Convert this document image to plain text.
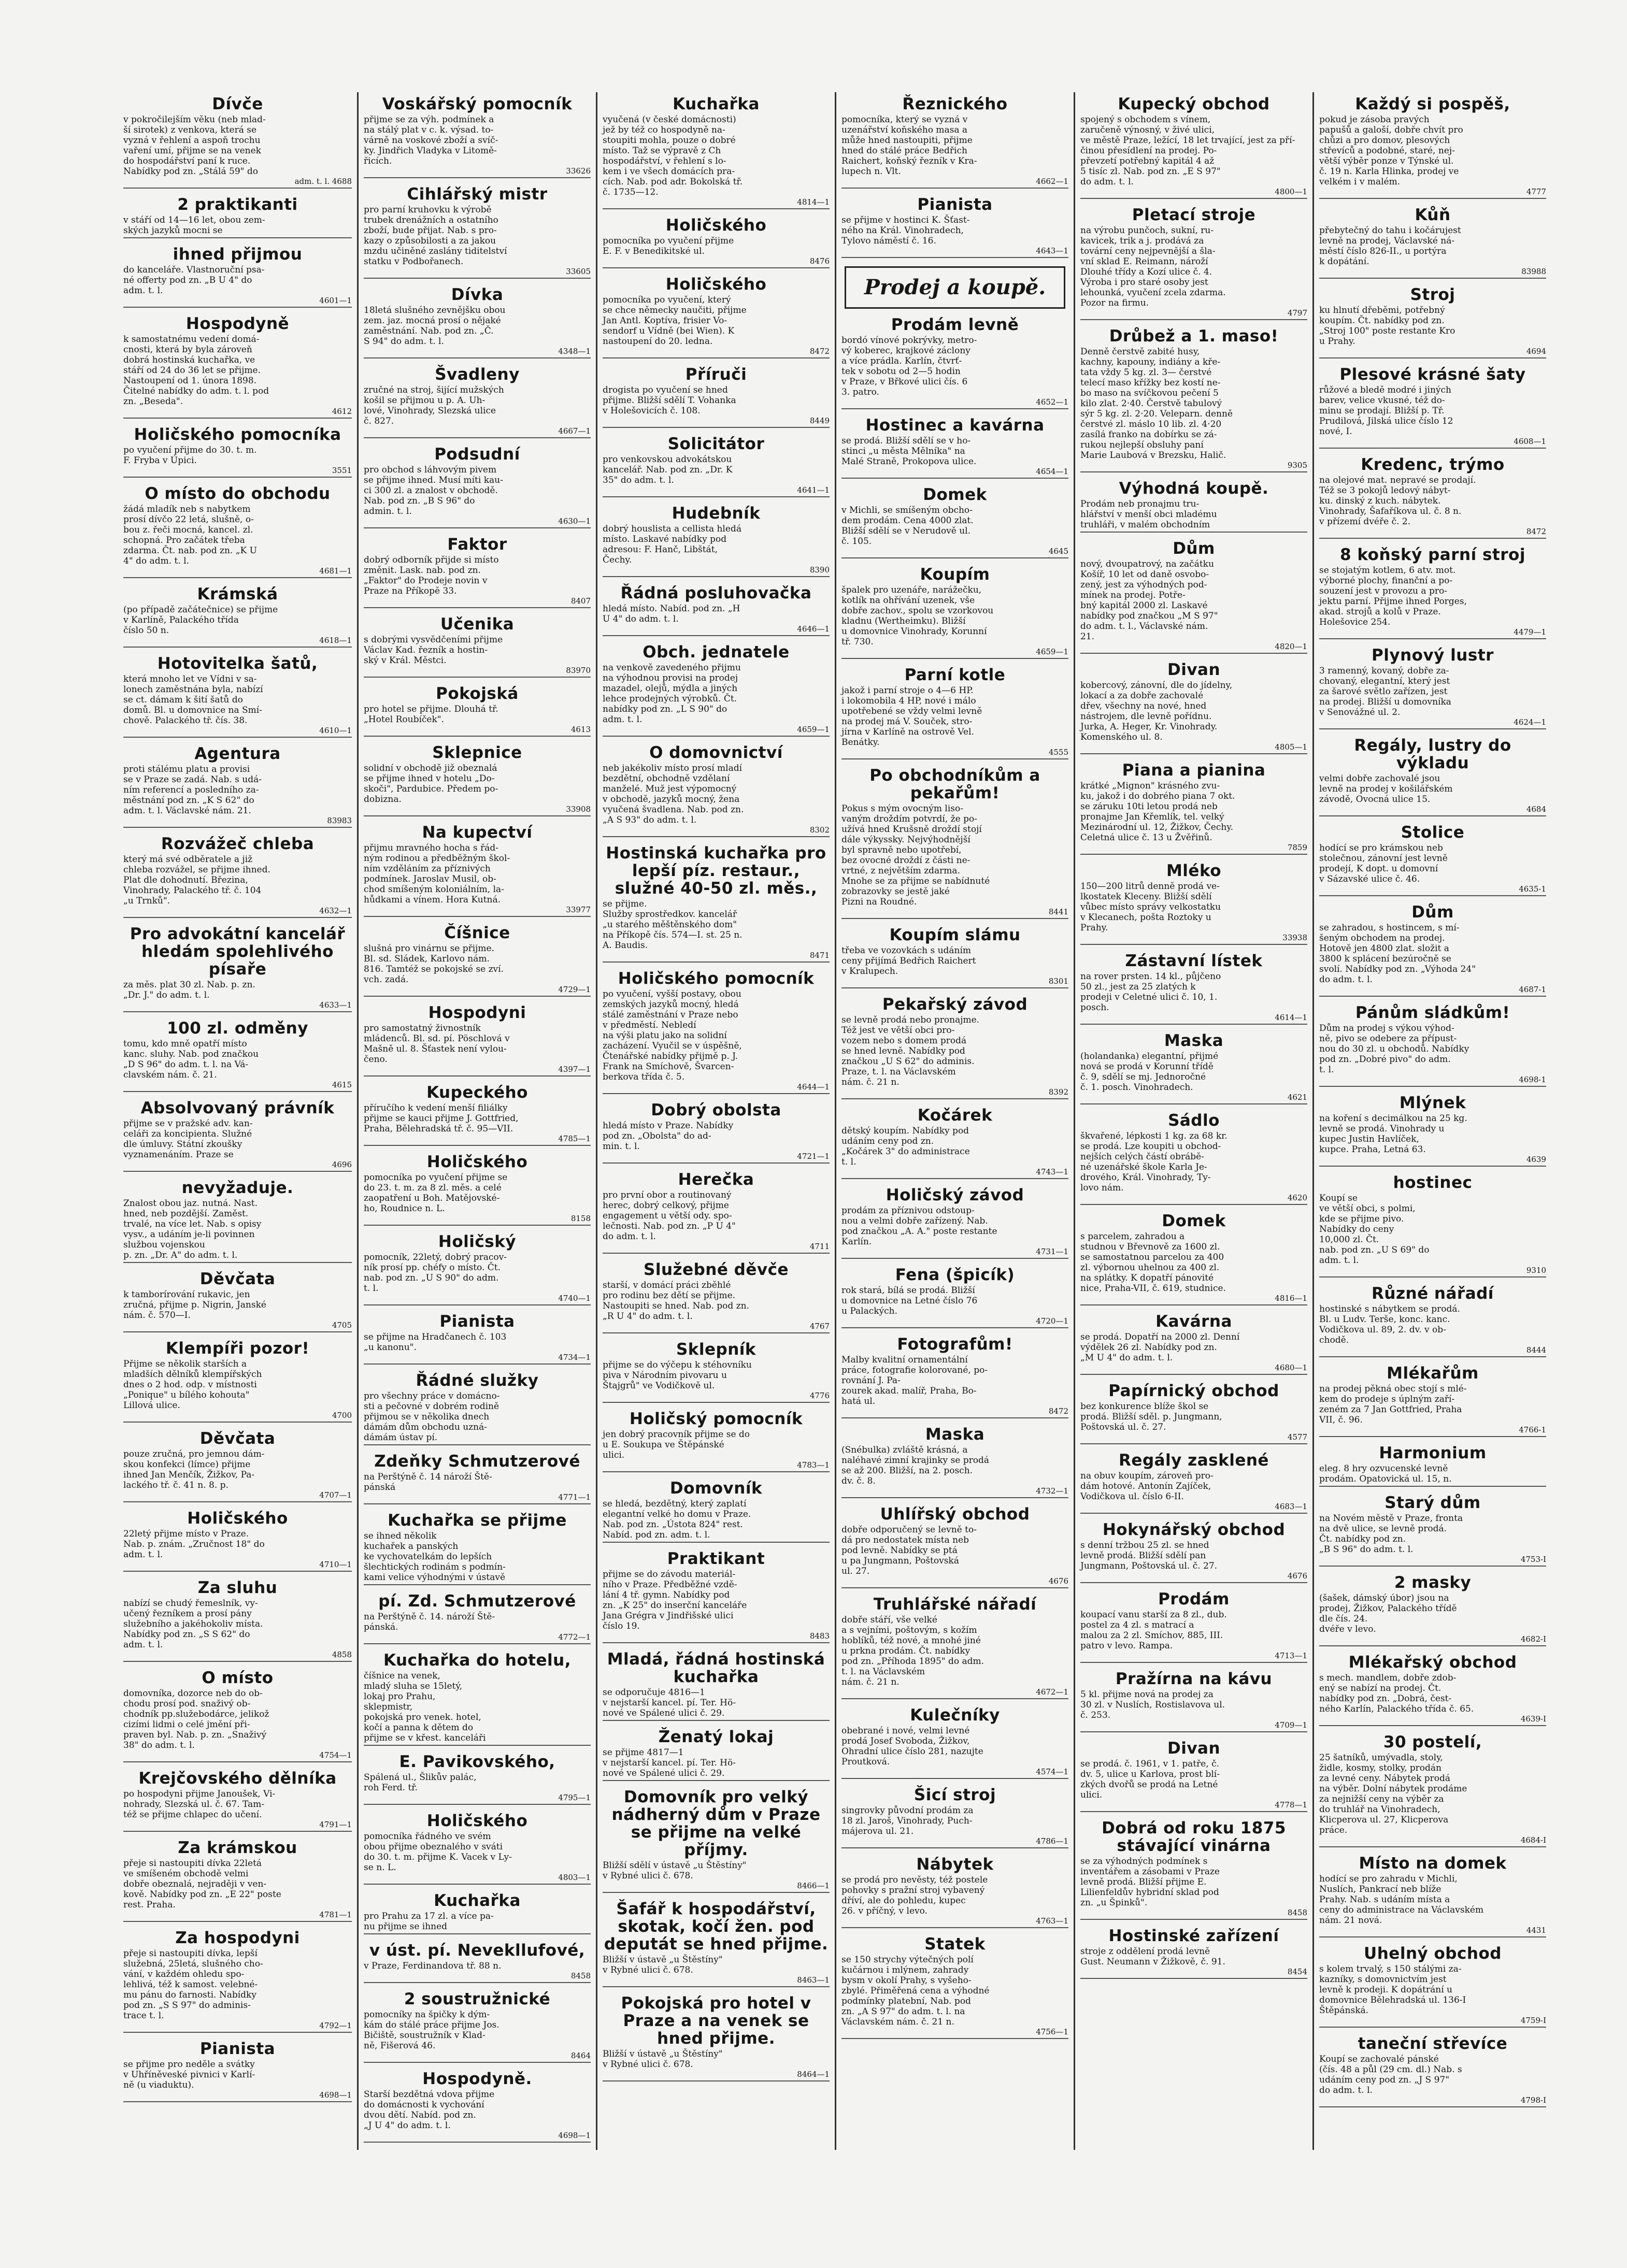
Dívče
v pokročilejším věku (neb mlad-
ší sirotek) z venkova, která se
vyzná v řehlení a aspoň trochu
vaření umí, přijme se na venek
do hospodářství paní k ruce.
Nabídky pod zn. „Stálá 59" do
adm. t. l. 4688
2 praktikanti
v stáří od 14—16 let, obou zem-
ských jazyků mocni se
ihned přijmou
do kanceláře. Vlastnoruční psa-
né offerty pod zn. „B U 4" do
adm. t. l.
4601—1
Hospodyně
k samostatnému vedení domá-
cnosti, která by byla zároveň
dobrá hostinská kuchařka, ve
stáří od 24 do 36 let se přijme.
Nastoupení od 1. února 1898.
Čitelné nabídky do adm. t. l. pod
zn. „Beseda".
4612
Holičského pomocníka
po vyučení přijme do 30. t. m.
F. Fryba v Úpici.
3551
O místo do obchodu
žádá mladík neb s nabytkem
prosí dívčo 22 letá, slušně, o-
bou z. řeči mocná, kancel. zl.
schopná. Pro začátek třeba
zdarma. Čt. nab. pod zn. „K U
4" do adm. t. l.
4681—1
Krámská
(po případě začátečnice) se přijme
v Karlíně, Palackého třída
číslo 50 n.
4618—1
Hotovitelka šatů,
která mnoho let ve Vídni v sa-
lonech zaměstnána byla, nabízí
se ct. dámam k šití šatů do
domů. Bl. u domovnice na Smí-
chově. Palackého tř. čís. 38.
4610—1
Agentura
proti stálému platu a provisi
se v Praze se zadá. Nab. s udá-
ním referencí a posledního za-
městnání pod zn. „K S 62" do
adm. t. l. Václavské nám. 21.
83983
Rozvážeč chleba
který má své odběratele a již
chleba rozvážel, se přijme ihned.
Plat dle dohodnutí. Březina,
Vinohrady, Palackého tř. č. 104
„u Trnků".
4632—1
Pro advokátní kancelář hledám spolehlivého písaře
za měs. plat 30 zl. Nab. p. zn.
„Dr. J." do adm. t. l.
4633—1
100 zl. odměny
tomu, kdo mně opatří místo
kanc. sluhy. Nab. pod značkou
„D S 96" do adm. t. l. na Vá-
clavském nám. č. 21.
4615
Absolvovaný právník
přijme se v pražské adv. kan-
celáři za koncipienta. Služné
dle úmluvy. Státní zkoušky
vyznamenáním. Praze se
4696
nevyžaduje.
Znalost obou jaz. nutná. Nast.
hned, neb pozdější. Zaměst.
trvalé, na více let. Nab. s opisy
vysv., a udáním je-li povinnen
službou vojenskou
p. zn. „Dr. A" do adm. t. l.
Děvčata
k tamborírování rukavic, jen
zručná, přijme p. Nigrin, Janské
nám. č. 570—I.
4705
Klempíři pozor!
Přijme se několik starších a
mladších dělníků klempířských
dnes o 2 hod. odp. v místnosti
„Ponique" u bílého kohouta"
Lillová ulice.
4700
Děvčata
pouze zručná, pro jemnou dám-
skou konfekci (límce) přijme
ihned Jan Menčík, Žižkov, Pa-
lackého tř. č. 41 n. 8. p.
4707—1
Holičského
22letý přijme místo v Praze.
Nab. p. znám. „Zručnost 18" do
adm. t. l.
4710—1
Za sluhu
nabízí se chudý řemeslník, vy-
učený řezníkem a prosí pány
služebního a jakéhokoliv místa.
Nabídky pod zn. „S S 62" do
adm. t. l.
4858
O místo
domovníka, dozorce neb do ob-
chodu prosí pod. snaživý ob-
chodník pp.služebodárce, jelikož
cizími lidmi o celé jmění při-
praven byl. Nab. p. zn. „Snaživý
38" do adm. t. l.
4754—1
Krejčovského dělníka
po hospodyni přijme Janoušek, Vi-
nohrady, Slezská ul. č. 67. Tam-
též se přijme chlapec do učení.
4791—1
Za krámskou
přeje si nastoupiti dívka 22letá
ve smíšeném obchodě velmi
dobře obeznalá, nejraději v ven-
kově. Nabídky pod zn. „E 22" poste
rest. Praha.
4781—1
Za hospodyni
přeje si nastoupiti dívka, lepší
služebná, 25letá, slušného cho-
vání, v každém ohledu spo-
lehlivá, též k samost. velebné-
mu pánu do farnosti. Nabídky
pod zn. „S S 97" do adminis-
trace t. l.
4792—1
Pianista
se přijme pro neděle a svátky
v Uhříněveské pivnici v Karlí-
ně (u viaduktu).
4698—1
Voskářský pomocník
přijme se za výh. podmínek a
na stálý plat v c. k. výsad. to-
várně na voskové zboží a svíč-
ky. Jindřich Vladyka v Litomě-
řicích.
33626
Cihlářský mistr
pro parní kruhovku k výrobě
trubek drenážních a ostatního
zboží, bude přijat. Nab. s pro-
kazy o způsobilosti a za jakou
mzdu učiněné zaslány tiditelství
statku v Podbořanech.
33605
Dívka
18letá slušného zevnějšku obou
zem. jaz. mocná prosí o nějaké
zaměstnání. Nab. pod zn. „Č.
S 94" do adm. t. l.
4348—1
Švadleny
zručné na stroj, šijící mužských
košil se přijmou u p. A. Uh-
lové, Vinohrady, Slezská ulice
č. 827.
4667—1
Podsudní
pro obchod s láhvovým pivem
se přijme ihned. Musí míti kau-
ci 300 zl. a znalost v obchodě.
Nab. pod zn. „B S 96" do
admin. t. l.
4630—1
Faktor
dobrý odborník přijde si místo
změnit. Lask. nab. pod zn.
„Faktor" do Prodeje novin v
Praze na Příkopě 33.
8407
Učenika
s dobrými vysvědčeními přijme
Václav Kad. řezník a hostin-
ský v Král. Městci.
83970
Pokojská
pro hotel se přijme. Dlouhá tř.
„Hotel Roubíček".
4613
Sklepnice
solidní v obchodě již obeznalá
se přijme ihned v hotelu „Do-
skoči", Pardubice. Předem po-
dobizna.
33908
Na kupectví
přijmu mravného hocha s řád-
ným rodinou a předběžným škol-
ním vzděláním za příznivých
podmínek. Jaroslav Musil, ob-
chod smíšeným koloniálním, la-
hůdkami a vínem. Hora Kutná.
33977
Číšnice
slušná pro vinárnu se přijme.
Bl. sd. Sládek, Karlovo nám.
816. Tamtéž se pokojské se zví.
vch. zadá.
4729—1
Hospodyni
pro samostatný živnostník
mládenců. Bl. sd. pí. Pöschlová v
Mašně ul. 8. Šťastek není vylou-
čeno.
4397—1
Kupeckého
příručího k vedení menší filiálky
přijme se kauci přijme J. Gottfried,
Praha, Bělehradská tř. č. 95—VII.
4785—1
Holičského
pomocníka po vyučení přijme se
do 23. t. m. za 8 zl. měs. a celé
zaopatření u Boh. Matějovské-
ho, Roudnice n. L.
8158
Holičský
pomocník, 22letý, dobrý pracov-
ník prosí pp. chéfy o místo. Čt.
nab. pod zn. „U S 90" do adm.
t. l.
4740—1
Pianista
se přijme na Hradčanech č. 103
„u kanonu".
4734—1
Řádné služky
pro všechny práce v domácno-
sti a pečovné v dobrém rodině
přijmou se v několika dnech
dámám dům obchodu uzná-
dámám ústav pí.
Zdeňky Schmutzerové
na Perštýně č. 14 nároží Ště-
pánská
4771—1
Kuchařka se přijme
se ihned několik
kuchařek a panských
ke vychovatelkám do lepších
šlechtických rodinám s podmín-
kami velice výhodnými v ústavě
pí. Zd. Schmutzerové
na Perštýně č. 14. nároží Ště-
pánská.
4772—1
Kuchařka do hotelu,
číšnice na venek,
mladý sluha se 15letý,
lokaj pro Prahu,
sklepmistr,
pokojská pro venek. hotel,
kočí a panna k dětem do
přijme se v křest. kanceláři
E. Pavikovského,
Spálená ul., Šlikův palác,
roh Ferd. tř.
4795—1
Holičského
pomocníka řádného ve svém
obou přijme obeznalého v sváti
do 30. t. m. přijme K. Vacek v Ly-
se n. L.
4803—1
Kuchařka
pro Prahu za 17 zl. a více pa-
nu přijme se ihned
v úst. pí. Nevekllufové,
v Praze, Ferdinandova tř. 88 n.
8458
2 soustružnické
pomocníky na špičky k dým-
kám do stálé práce přijme Jos.
Bičiště, soustružník v Klad-
ně, Fišerová 46.
8464
Hospodyně.
Starší bezdětná vdova přijme
do domácnosti k vychování
dvou dětí. Nabíd. pod zn.
„J U 4" do adm. t. l.
4698—1
Kuchařka
vyučená (v české domácnosti)
jež by též co hospodyně na-
stoupiti mohla, pouze o dobré
místo. Taž se výpravě z Ch
hospodářství, v řehlení s lo-
kem i ve všech domácích pra-
cích. Nab. pod adr. Bokolská tř.
č. 1735—12.
4814—1
Holičského
pomocníka po vyučení přijme
E. F. v Benedikitské ul.
8476
Holičského
pomocníka po vyučení, který
se chce německy naučiti, přijme
Jan Antl. Koptíva, frisier Vo-
sendorf u Vídně (bei Wien). K
nastoupení do 20. ledna.
8472
Příruči
drogista po vyučení se hned
přijme. Bližší sdělí T. Vohanka
v Holešovicích č. 108.
8449
Solicitátor
pro venkovskou advokátskou
kancelář. Nab. pod zn. „Dr. K
35" do adm. t. l.
4641—1
Hudebník
dobrý houslista a cellista hledá
místo. Laskavé nabídky pod
adresou: F. Hanč, Libštát,
Čechy.
8390
Řádná posluhovačka
hledá místo. Nabíd. pod zn. „H
U 4" do adm. t. l.
4646—1
Obch. jednatele
na venkově zavedeného přijmu
na výhodnou provisi na prodej
mazadel, olejů, mýdla a jiných
lehce prodejných výrobků. Čt.
nabídky pod zn. „L S 90" do
adm. t. l.
4659—1
O domovnictví
neb jakékoliv místo prosí mladí
bezdětní, obchodně vzdělaní
manželé. Muž jest výpomocný
v obchodě, jazyků mocný, žena
vyučená švadlena. Nab. pod zn.
„A S 93" do adm. t. l.
8302
Hostinská kuchařka pro lepší píz. restaur., služné 40-50 zl. měs.,
se přijme.
Služby sprostředkov. kancelář
„u starého měštěnského dom"
na Příkopě čís. 574—I. st. 25 n.
A. Baudis.
8471
Holičského pomocník
po vyučení, vyšší postavy, obou
zemských jazyků mocný, hledá
stálé zaměstnání v Praze nebo
v předměstí. Nebledí
na výši platu jako na solidní
zacházení. Vyučil se v úspěšně,
Čtenářské nabídky přijmě p. J.
Frank na Smíchově, Švarcen-
berkova třída č. 5.
4644—1
Dobrý obolsta
hledá místo v Praze. Nabídky
pod zn. „Obolsta" do ad-
min. t. l.
4721—1
Herečka
pro první obor a routinovaný
herec, dobrý celkový, přijme
engagement u větší ody. spo-
lečnosti. Nab. pod zn. „P U 4"
do adm. t. l.
4711
Služebné děvče
starší, v domácí práci zběhlé
pro rodinu bez dětí se přijme.
Nastoupiti se hned. Nab. pod zn.
„R U 4" do adm. t. l.
4767
Sklepník
přijme se do výčepu k stéhovníku
piva v Národním pivovaru u
Štajgrů" ve Vodičkově ul.
4776
Holičský pomocník
jen dobrý pracovník přijme se do
u E. Soukupa ve Štěpánské
ulici.
4783—1
Domovník
se hledá, bezdětný, který zaplatí
elegantní velké ho domu v Praze.
Nab. pod zn. „Ústota 824" rest.
Nabíd. pod zn. adm. t. l.
Praktikant
přijme se do závodu materiál-
ního v Praze. Předběžné vzdě-
lání 4 tř. gymn. Nabídky pod
zn. „K 25" do inserční kanceláře
Jana Grégra v Jindřišské ulici
číslo 19.
8483
Mladá, řádná hostinská kuchařka
se odporučuje 4816—1
v nejstarší kancel. pí. Ter. Hö-
nové ve Spálené ulici č. 29.
Ženatý lokaj
se přijme 4817—1
v nejstarší kancel. pí. Ter. Hö-
nové ve Spálené ulici č. 29.
Domovník pro velký nádherný dům v Praze se přijme na velké příjmy.
Bližší sdělí v ústavě „u Štěstíny"
v Rybné ulici č. 678.
8466—1
Šafář k hospodářství, skotak, kočí žen. pod deputát se hned přijme.
Bližší v ústavě „u Štěstíny"
v Rybné ulici č. 678.
8463—1
Pokojská pro hotel v Praze a na venek se hned přijme.
Bližší v ústavě „u Štěstíny"
v Rybné ulici č. 678.
8464—1
Řeznického
pomocníka, který se vyzná v
uzenářství koňského masa a
může hned nastoupiti, přijme
hned do stálé práce Bedřich
Raichert, koňský řezník v Kra-
lupech n. Vlt.
4662—1
Pianista
se přijme v hostinci K. Šťast-
ného na Král. Vinohradech,
Tylovo náměstí č. 16.
4643—1
Prodej a koupě.
Prodám levně
bordó vínové pokrývky, metro-
vý koberec, krajkové záclony
a více prádla. Karlín, čtvrť-
tek v sobotu od 2—5 hodin
v Praze, v Břkové ulici čís. 6
3. patro.
4652—1
Hostinec a kavárna
se prodá. Bližší sdělí se v ho-
stinci „u města Mělníka" na
Malé Straně, Prokopova ulice.
4654—1
Domek
v Michli, se smíšeným obcho-
dem prodám. Cena 4000 zlat.
Bližší sdělí se v Nerudově ul.
č. 105.
4645
Koupím
špalek pro uzenáře, narážečku,
kotlík na ohřívání uzenek, vše
dobře zachov., spolu se vzorkovou
kladnu (Wertheimku). Bližší
u domovnice Vinohrady, Korunní
tř. 730.
4659—1
Parní kotle
jakož i parní stroje o 4—6 HP.
i lokomobila 4 HP, nové i málo
upotřebené se vždy velmi levně
na prodej má V. Souček, stro-
jírna v Karlíně na ostrově Vel.
Benátky.
4555
Po obchodníkům a pekařům!
Pokus s mým ovocným liso-
vaným droždím potvrdí, že po-
užívá hned Krušsně droždí stojí
dále výkyssky. Nejvýhodnější
byl spravně nebo upotřebí,
bez ovocné droždí z části ne-
vrtné, z největším zdarma.
Mnohe se za přijme se nabídnuté
zobrazovky se jestě jaké
Pizni na Roudné.
8441
Koupím slámu
třeba ve vozovkách s udáním
ceny přijímá Bedřich Raichert
v Kralupech.
8301
Pekařský závod
se levně prodá nebo pronajme.
Též jest ve větší obci pro-
vozem nebo s domem prodá
se hned levně. Nabídky pod
značkou „U S 62" do adminis.
Praze, t. l. na Václavském
nám. č. 21 n.
8392
Kočárek
dětský koupím. Nabídky pod
udáním ceny pod zn.
„Kočárek 3" do administrace
t. l.
4743—1
Holičský závod
prodám za příznivou odstoup-
nou a velmi dobře zařízený. Nab.
pod značkou „A. A." poste restante
Karlín.
4731—1
Fena (špicík)
rok stará, bílá se prodá. Bližší
u domovnice na Letné číslo 76
u Palackých.
4720—1
Fotografům!
Malby kvalitní ornamentální
práce, fotografie kolorované, po-
rovnání J. Pa-
zourek akad. malíř, Praha, Bo-
hatá ul.
8472
Maska
(Snébulka) zvláště krásná, a
naléhavé zimní krajinky se prodá
se až 200. Bližší, na 2. posch.
dv. č. 8.
4732—1
Uhlířský obchod
dobře odporučený se levně to-
dá pro nedostatek místa neb
pod levně. Nabídky se ptá
u pa Jungmann, Poštovská
ul. 27.
4676
Truhlářské nářadí
dobře stáří, vše velké
a s vejními, poštovým, s kožím
hoblíků, též nové, a mnohé jiné
u prkna prodám. Čt. nabídky
pod zn. „Příhoda 1895" do adm.
t. l. na Václavském
nám. č. 21 n.
4672—1
Kulečníky
obebrané i nové, velmi levné
prodá Josef Svoboda, Žižkov,
Ohradní ulice číslo 281, nazujte
Proutková.
4574—1
Šicí stroj
singrovky původní prodám za
18 zl. Jaroš, Vinohrady, Puch-
májerova ul. 21.
4786—1
Nábytek
se prodá pro nevěsty, též postele
pohovky s pražní stroj vybavený
dříví, ale do pohledu, kupec
26. v příčný, v levo.
4763—1
Statek
se 150 strychy výtečných polí
kučárnou i mlýnem, zahrady
bysm v okolí Prahy, s vyšeho-
zbylé. Přiměřená cena a výhodné
podmínky platební, Nab. pod
zn. „A S 97" do adm. t. l. na
Václavském nám. č. 21 n.
4756—1
Kupecký obchod
spojený s obchodem s vínem,
zaručeně výnosný, v živé ulici,
ve městě Praze, ležící, 18 let trvající, jest za pří-
činou přesídlení na prodej. Po-
převzetí potřebný kapitál 4 až
5 tisíc zl. Nab. pod zn. „E S 97"
do adm. t. l.
4800—1
Pletací stroje
na výrobu punčoch, sukní, ru-
kavicek, trik a j. prodává za
tovární ceny nejpevnější a šla-
vní sklad E. Reimann, nároží
Dlouhé třídy a Kozí ulice č. 4.
Výroba i pro staré osoby jest
lehounká, vyučení zcela zdarma.
Pozor na firmu.
4797
Drůbež a 1. maso!
Denně čerstvě zabité husy,
kachny, kapouny, indiány a kře-
tata vždy 5 kg. zl. 3— čerstvé
telecí maso křížky bez kostí ne-
bo maso na svíčkovou pečení 5
kilo zlat. 2·40. Čerstvě tabulový
sýr 5 kg. zl. 2·20. Veleparn. denně
čerstvé zl. máslo 10 lib. zl. 4·20
zasílá franko na dobírku se zá-
rukou nejlepší obsluhy paní
Marie Laubová v Brezsku, Halič.
9305
Výhodná koupě.
Prodám neb pronajmu tru-
hlářství v menší obci mladému
truhláři, v malém obchodním
Dům
nový, dvoupatrový, na začátku
Košíř, 10 let od daně osvobo-
zený, jest za výhodných pod-
mínek na prodej. Potře-
bný kapitál 2000 zl. Laskavé
nabídky pod značkou „M S 97"
do adm. t. l., Václavské nám.
21.
4820—1
Divan
kobercový, zánovní, dle do jídelny,
lokací a za dobře zachovalé
dřev, všechny na nové, hned
nástrojem, dle levně pořídnu.
Jurka, A. Heger, Kr. Vinohrady.
Komenského ul. 8.
4805—1
Piana a pianina
krátké „Mignon" krásného zvu-
ku, jakož i do dobrého piana 7 okt.
se záruku 10ti letou prodá neb
pronajme Jan Křemlík, tel. velký
Mezinárodní ul. 12, Žižkov, Čechy.
Celetná ulice č. 13 u Žvěřinů.
7859
Mléko
150—200 litrů denně prodá ve-
lkostatek Kleceny. Bližší sdělí
vůbec místo správy velkostatku
v Klecanech, pošta Roztoky u
Prahy.
33938
Zástavní lístek
na rover prsten. 14 kl., půjčeno
50 zl., jest za 25 zlatých k
prodeji v Celetné ulici č. 10, 1.
posch.
4614—1
Maska
(holandanka) elegantní, přijmé
nová se prodá v Korunní třídě
č. 9, sdělí se mj. Jednoročné
č. 1. posch. Vinohradech.
4621
Sádlo
škvařené, lépkosti 1 kg. za 68 kr.
se prodá. Lze koupiti u obchod-
nejších celých částí obrábě-
né uzenářské škole Karla Je-
drového, Král. Vinohrady, Ty-
lovo nám.
4620
Domek
s parcelem, zahradou a
studnou v Břevnově za 1600 zl.
se samostatnou parcelou za 400
zl. výbornou uhelnou za 400 zl.
na splátky. K dopatří pánovité
nice, Praha-VII, č. 619, studnice.
4816—1
Kavárna
se prodá. Dopatří na 2000 zl. Denní
výdělek 26 zl. Nabídky pod zn.
„M U 4" do adm. t. l.
4680—1
Papírnický obchod
bez konkurence blíže škol se
prodá. Bližší sděl. p. Jungmann,
Poštovská ul. č. 27.
4577
Regály zasklené
na obuv koupím, zároveň pro-
dám hotové. Antonín Zajíček,
Vodičkova ul. číslo 6-II.
4683—1
Hokynářský obchod
s denní tržbou 25 zl. se hned
levně prodá. Bližší sdělí pan
Jungmann, Poštovská ul. č. 27.
4676
Prodám
koupací vanu starší za 8 zl., dub.
postel za 4 zl. s matrací a
malou za 2 zl. Smíchov, 885, III.
patro v levo. Rampa.
4713—1
Pražírna na kávu
5 kl. přijme nová na prodej za
30 zl. v Nuslích, Rostislavova ul.
č. 253.
4709—1
Divan
se prodá. č. 1961, v 1. patře, č.
dv. 5, ulice u Karlova, prost blí-
zkých dvořů se prodá na Letné
ulici.
4778—1
Dobrá od roku 1875 stávající vinárna
se za výhodných podmínek s
inventářem a zásobami v Praze
levně prodá. Bližší přijme E.
Lilienfeldův hybridní sklad pod
zn. „u Špinků".
8458
Hostinské zařízení
stroje z oddělení prodá levně
Gust. Neumann v Žižkově, č. 91.
8454
Každý si pospěš,
pokud je zásoba pravých
papušů a galoší, dobře chvít pro
chůzi a pro domov, plesových
střevíců a podobné, staré, nej-
větší výběr ponze v Týnské ul.
č. 19 n. Karla Hlinka, prodej ve
velkém i v malém.
4777
Kůň
přebytečný do tahu i kočárujest
levně na prodej, Václavské ná-
městí číslo 826-II., u portýra
k dopátání.
83988
Stroj
ku hlnutí dřeběmi, potřebný
koupím. Čt. nabídky pod zn.
„Stroj 100" poste restante Kro
u Prahy.
4694
Plesové krásné šaty
růžové a bledě modré i jiných
barev, velice vkusné, též do-
minu se prodají. Bližší p. Tř.
Prudilová, Jilská ulice číslo 12
nové, I.
4608—1
Kredenc, trýmo
na olejové mat. nepravé se prodají.
Též se 3 pokojů ledový nábyt-
ku. dinský z kuch. nábytek.
Vinohrady, Šafaříkova ul. č. 8 n.
v přízemí dvéře č. 2.
8472
8 koňský parní stroj
se stojatým kotlem, 6 atv. mot.
výborné plochy, finanční a po-
souzení jest v provozu a pro-
jektu parní. Přijme ihned Porges,
akad. strojů a kolů v Praze.
Holešovice 254.
4479—1
Plynový lustr
3 ramenný, kovaný, dobře za-
chovaný, elegantní, který jest
za šarové světlo zařízen, jest
na prodej. Bližší u domovníka
v Senovážné ul. 2.
4624—1
Regály, lustry do výkladu
velmi dobře zachovalé jsou
levně na prodej v košilářském
závodě, Ovocná ulice 15.
4684
Stolice
hodící se pro krámskou neb
stolečnou, zánovní jest levně
prodejí, K dopt. u domovní
v Sázavské ulice č. 46.
4635-1
Dům
se zahradou, s hostincem, s mí-
šeným obchodem na prodej.
Hotově jen 4800 zlat. složit a
3800 k splácení bezúročně se
svolí. Nabídky pod zn. „Výhoda 24"
do adm. t. l.
4687-1
Pánům sládkům!
Dům na prodej s výkou výhod-
ně, pivo se odebere za přípust-
nou do 30 zl. u obchodů. Nabídky
pod zn. „Dobré pivo" do adm.
t. l.
4698-1
Mlýnek
na koření s decimálkou na 25 kg.
levně se prodá. Vinohrady u
kupec Justin Havlíček,
kupce. Praha, Letná 63.
4639
hostinec
Koupí se
ve větší obci, s polmi,
kde se přijme pivo.
Nabídky do ceny
10,000 zl. Čt.
nab. pod zn. „U S 69" do
adm. t. l.
9310
Různé nářadí
hostinské s nábytkem se prodá.
Bl. u Ludv. Terše, konc. kanc.
Vodičkova ul. 89, 2. dv. v ob-
chodě.
8444
Mlékařům
na prodej pěkná obec stojí s mlé-
kem do prodeje s úplným zaří-
zeném za 7 Jan Gottfried, Praha
VII, č. 96.
4766-1
Harmonium
eleg. 8 hry ozvucenské levně
prodám. Opatovická ul. 15, n.
Starý dům
na Novém městě v Praze, fronta
na dvě ulice, se levně prodá.
Čt. nabídky pod zn.
„B S 96" do adm. t. l.
4753-I
2 masky
(šašek, dámský úbor) jsou na
prodej, Žižkov, Palackého třídě
dle čís. 24.
dvéře v levo.
4682-I
Mlékařský obchod
s mech. mandlem, dobře zdob-
ený se nabízí na prodej. Čt.
nabídky pod zn. „Dobrá, čest-
ného Karlín, Palackého třída č. 65.
4639-I
30 postelí,
25 šatníků, umývadla, stoly,
židle, kosmy, stolky, prodán
za levné ceny. Nábytek prodá
na výběr. Dolní nábytek prodáme
za nejnižší ceny na výběr za
do truhlář na Vinohradech,
Klicperova ul. 27, Klicperova
práce.
4684-I
Místo na domek
hodící se pro zahradu v Michli,
Nuslích, Pankrací neb blíže
Prahy. Nab. s udáním místa a
ceny do administrace na Václavském
nám. 21 nová.
4431
Uhelný obchod
s kolem trvalý, s 150 stálými za-
kazníky, s domovnictvím jest
levně k prodeji. K dopátrání u
domovnice Bělehradská ul. 136-I
Štěpánská.
4759-I
taneční střevíce
Koupí se zachovalé pánské
(čís. 48 a půl (29 cm. dl.) Nab. s
udáním ceny pod zn. „J S 97"
do adm. t. l.
4798-I
